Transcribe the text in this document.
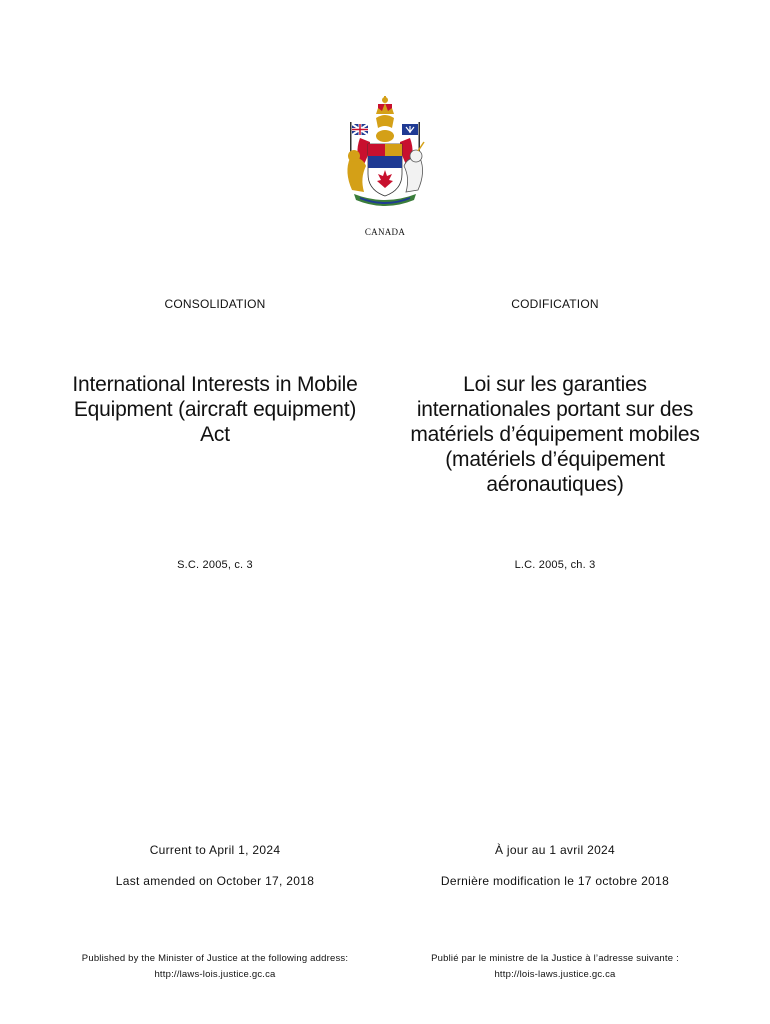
CANADA
CONSOLIDATION	CODIFICATION
International Interests in Mobile Equipment (aircraft equipment) Act
Loi sur les garanties internationales portant sur des matériels d’équipement mobiles (matériels d’équipement aéronautiques)
S.C. 2005, c. 3	L.C. 2005, ch. 3
Current to April 1, 2024	À jour au 1 avril 2024
Last amended on October 17, 2018	Dernière modification le 17 octobre 2018
Published by the Minister of Justice at the following address:
http://laws-lois.justice.gc.ca
Publié par le ministre de la Justice à l’adresse suivante :
http://lois-laws.justice.gc.ca
